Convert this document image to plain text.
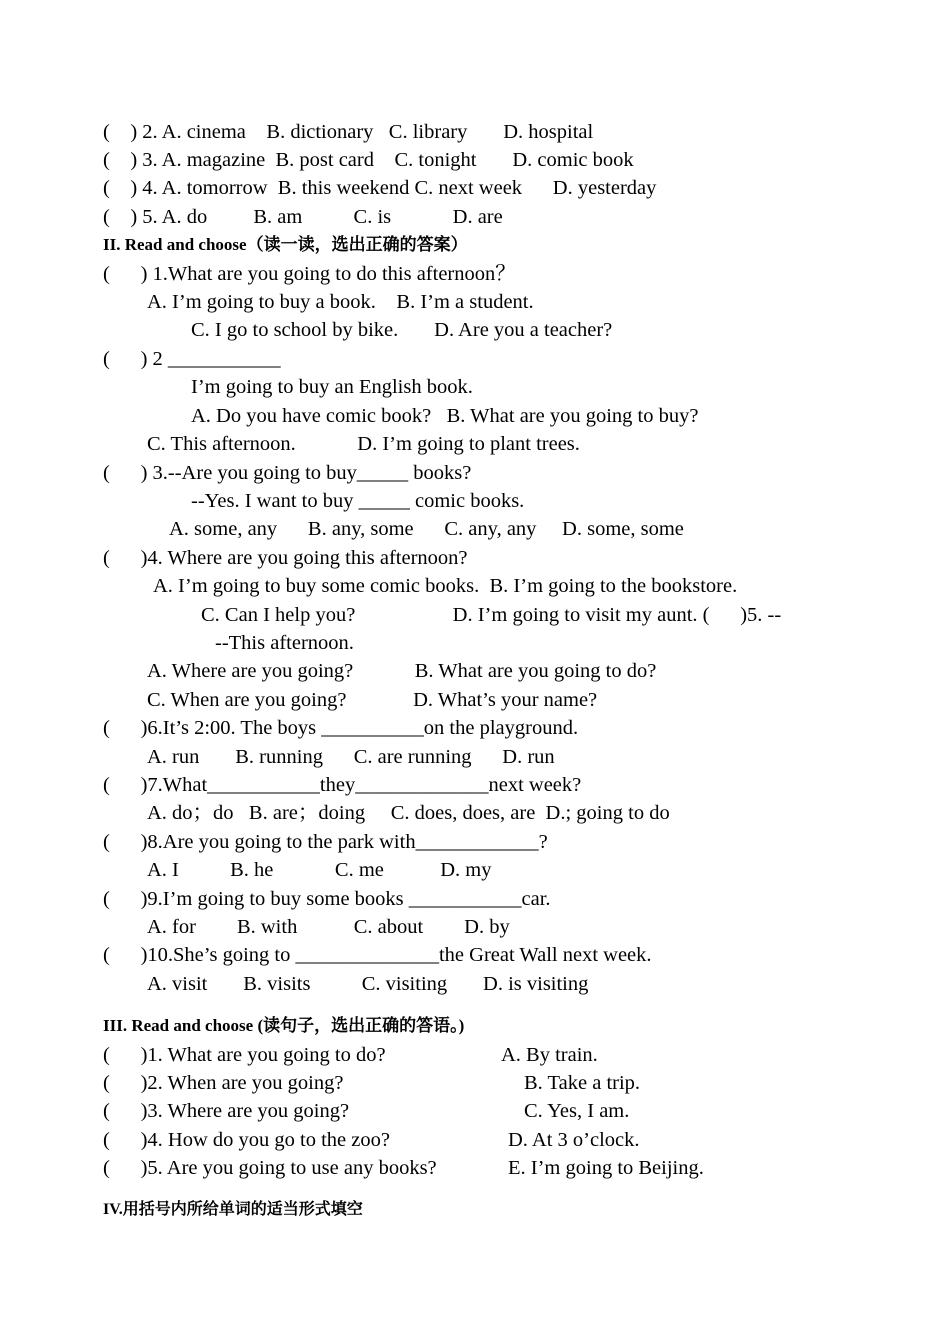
(    ) 2. A. cinema    B. dictionary   C. library       D. hospital
(    ) 3. A. magazine  B. post card    C. tonight       D. comic book
(    ) 4. A. tomorrow  B. this weekend C. next week      D. yesterday
(    ) 5. A. do         B. am          C. is            D. are
II. Read and choose（读一读，选出正确的答案）
(      ) 1.What are you going to do this afternoon？
A. I’m going to buy a book.    B. I’m a student.
C. I go to school by bike.       D. Are you a teacher?
(      ) 2 ___________
I’m going to buy an English book.
A. Do you have comic book?   B. What are you going to buy?
C. This afternoon.            D. I’m going to plant trees.
(      ) 3.--Are you going to buy_____ books?
--Yes. I want to buy _____ comic books.
A. some, any      B. any, some      C. any, any     D. some, some
(      )4. Where are you going this afternoon?
A. I’m going to buy some comic books.  B. I’m going to the bookstore.
C. Can I help you?                   D. I’m going to visit my aunt. (      )5. --
--This afternoon.
A. Where are you going?            B. What are you going to do?
C. When are you going?             D. What’s your name?
(      )6.It’s 2:00. The boys __________on the playground.
A. run       B. running      C. are running      D. run
(      )7.What___________they_____________next week?
A. do；do   B. are；doing     C. does, does, are  D.; going to do
(      )8.Are you going to the park with____________?
A. I          B. he            C. me           D. my
(      )9.I’m going to buy some books ___________car.
A. for        B. with           C. about        D. by
(      )10.She’s going to ______________the Great Wall next week.
A. visit       B. visits          C. visiting       D. is visiting
III. Read and choose (读句子，选出正确的答语。)
(      )1. What are you going to do?	A. By train.
(      )2. When are you going?	B. Take a trip.
(      )3. Where are you going?	C. Yes, I am.
(      )4. How do you go to the zoo?	D. At 3 o’clock.
(      )5. Are you going to use any books?	E. I’m going to Beijing.
IV.用括号内所给单词的适当形式填空
